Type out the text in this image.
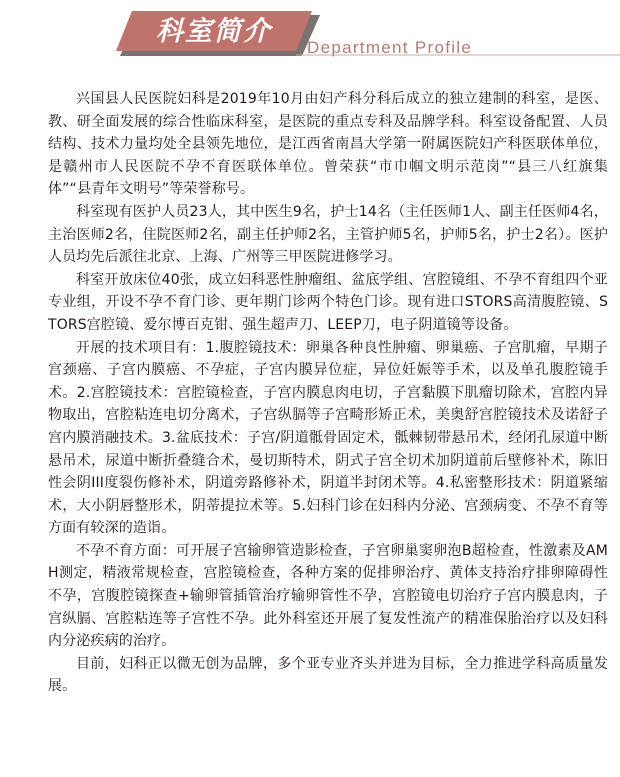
科室简介
Department Profile

兴国县人民医院妇科是2019年10月由妇产科分科后成立的独立建制的科室，是医、教、研全面发展的综合性临床科室，是医院的重点专科及品牌学科。科室设备配置、人员结构、技术力量均处全县领先地位，是江西省南昌大学第一附属医院妇产科医联体单位，是赣州市人民医院不孕不育医联体单位。曾荣获“市巾帼文明示范岗”“县三八红旗集体”“县青年文明号”等荣誉称号。

科室现有医护人员23人，其中医生9名，护士14名（主任医师1人、副主任医师4名，主治医师2名，住院医师2名，副主任护师2名，主管护师5名，护师5名，护士2名）。医护人员均先后派往北京、上海、广州等三甲医院进修学习。

科室开放床位40张，成立妇科恶性肿瘤组、盆底学组、宫腔镜组、不孕不育组四个亚专业组，开设不孕不育门诊、更年期门诊两个特色门诊。现有进口STORS高清腹腔镜、STORS宫腔镜、爱尔博百克钳、强生超声刀、LEEP刀，电子阴道镜等设备。

开展的技术项目有：1.腹腔镜技术：卵巢各种良性肿瘤、卵巢癌、子宫肌瘤，早期子宫颈癌、子宫内膜癌、不孕症，子宫内膜异位症，异位妊娠等手术，以及单孔腹腔镜手术。2.宫腔镜技术：宫腔镜检查，子宫内膜息肉电切，子宫黏膜下肌瘤切除术，宫腔内异物取出，宫腔粘连电切分离术，子宫纵膈等子宫畸形矫正术，美奥舒宫腔镜技术及诺舒子宫内膜消融技术。3.盆底技术：子宫/阴道骶骨固定术，骶棘韧带悬吊术，经闭孔尿道中断悬吊术，尿道中断折叠缝合术，曼切斯特术，阴式子宫全切术加阴道前后壁修补术，陈旧性会阴III度裂伤修补术，阴道旁路修补术，阴道半封闭术等。4.私密整形技术：阴道紧缩术，大小阴唇整形术，阴蒂提拉术等。5.妇科门诊在妇科内分泌、宫颈病变、不孕不育等方面有较深的造诣。

不孕不育方面：可开展子宫输卵管造影检查，子宫卵巢窦卵泡B超检查，性激素及AMH测定，精液常规检查，宫腔镜检查，各种方案的促排卵治疗、黄体支持治疗排卵障碍性不孕，宫腹腔镜探查+输卵管插管治疗输卵管性不孕，宫腔镜电切治疗子宫内膜息肉，子宫纵膈、宫腔粘连等子宫性不孕。此外科室还开展了复发性流产的精准保胎治疗以及妇科内分泌疾病的治疗。

目前，妇科正以微无创为品牌，多个亚专业齐头并进为目标，全力推进学科高质量发展。
